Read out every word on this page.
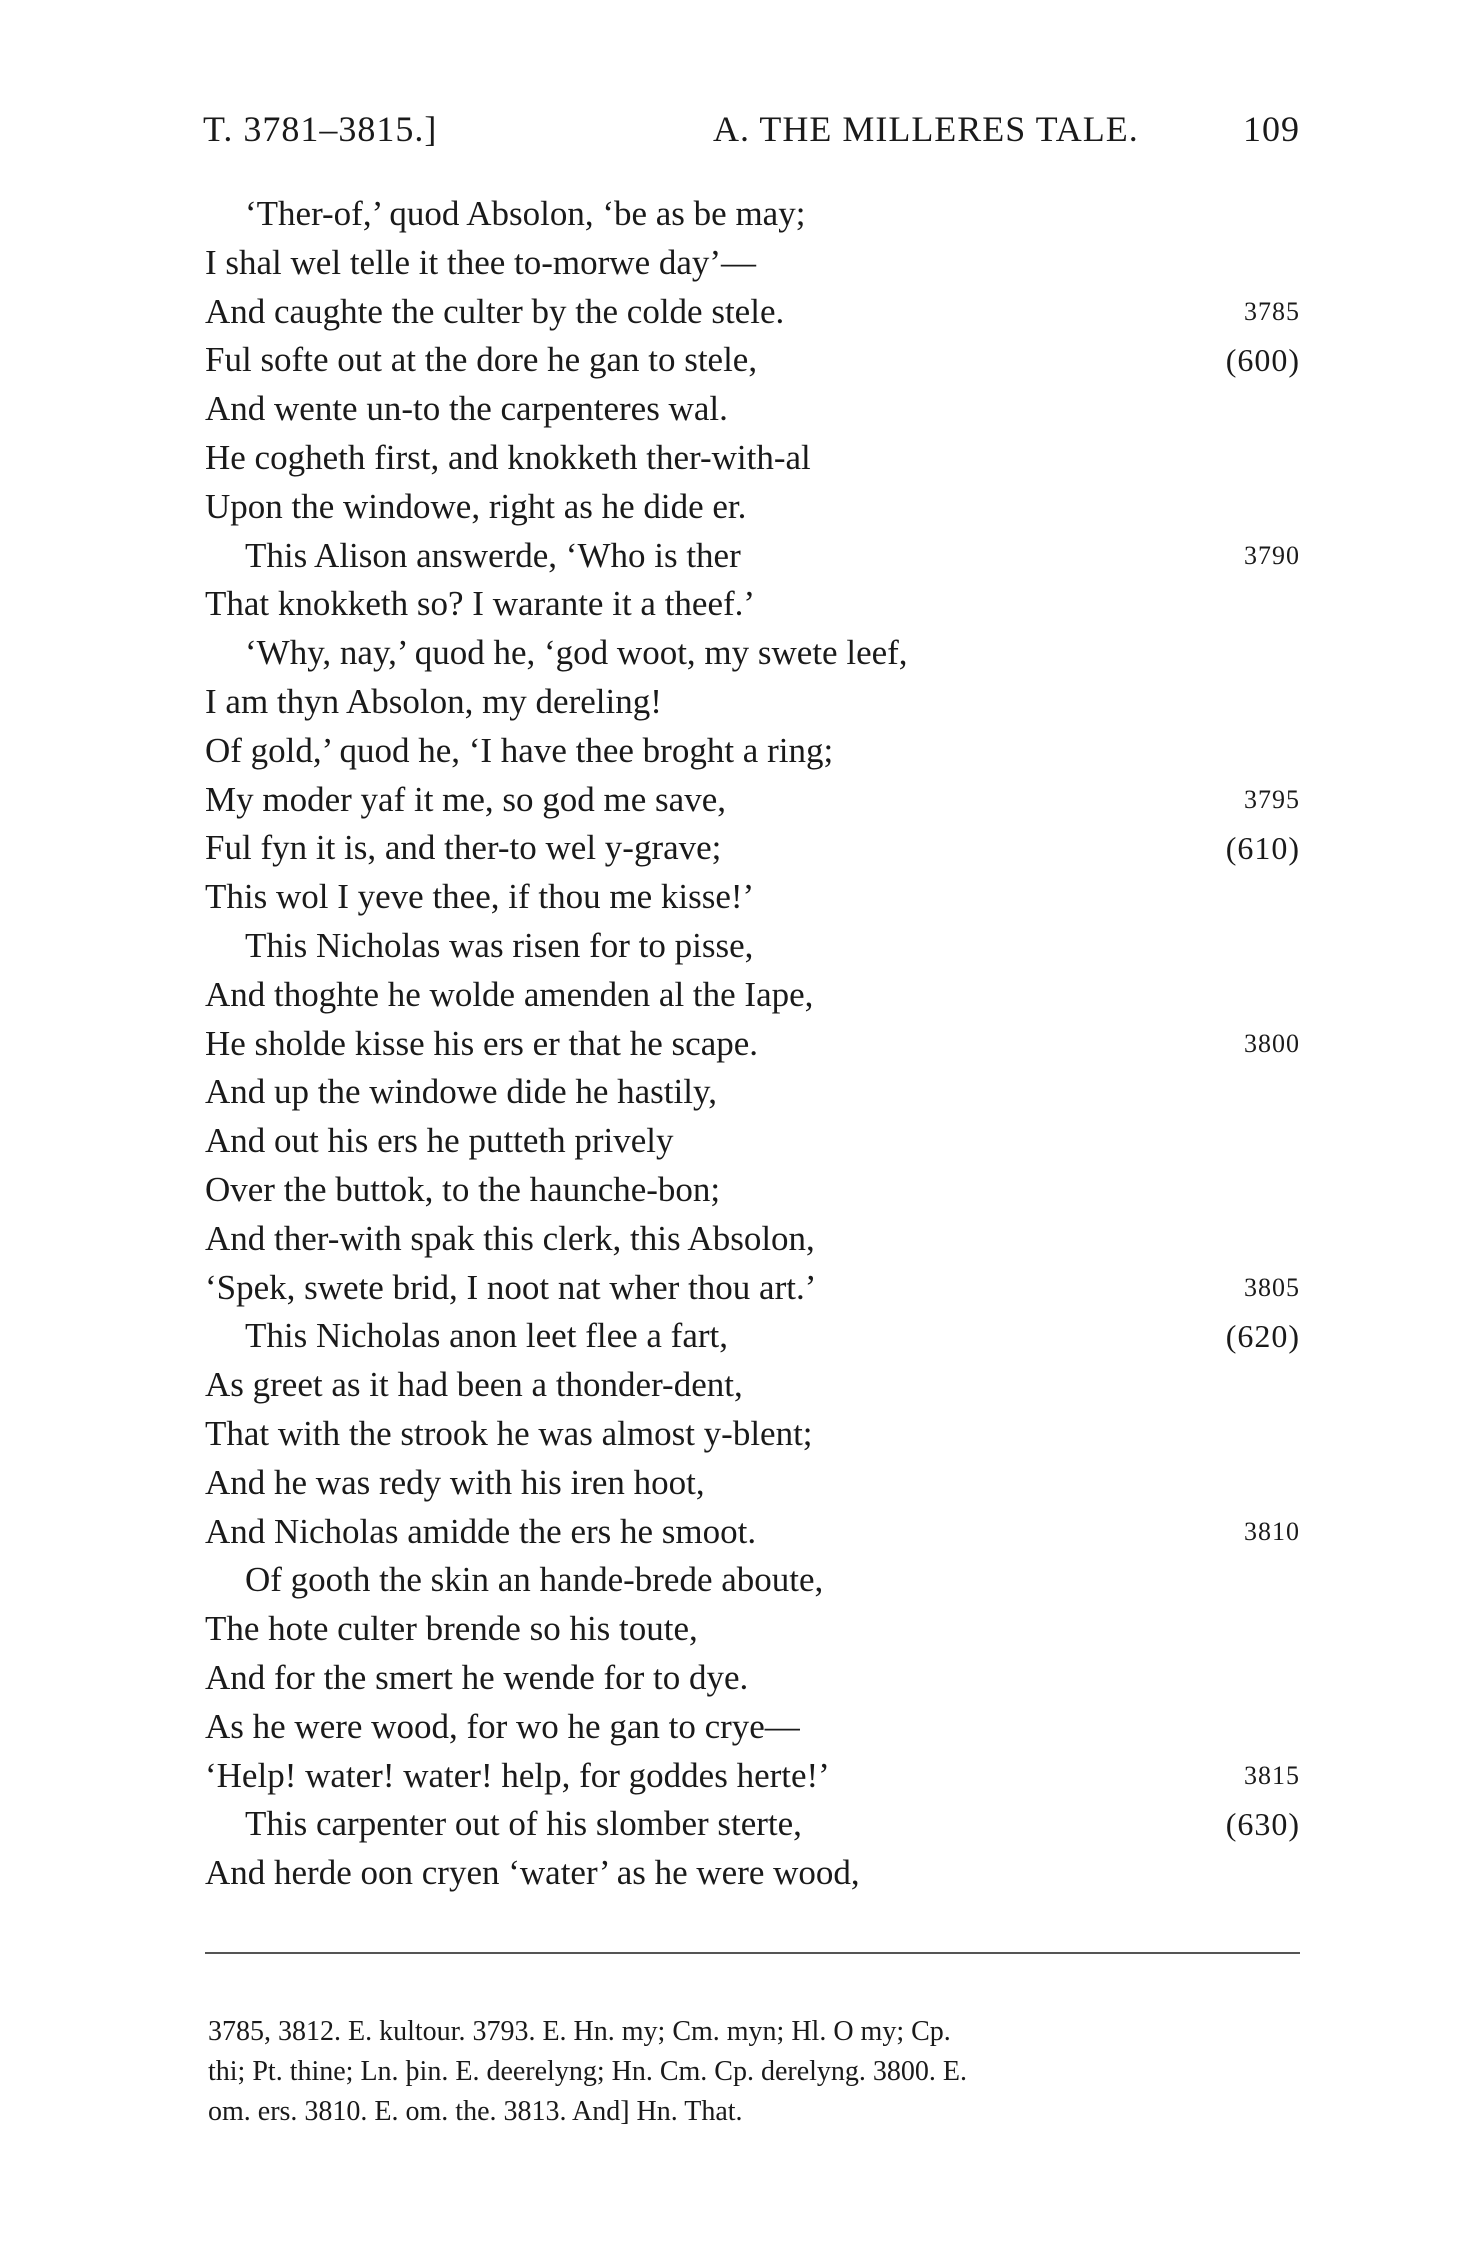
T. 3781–3815.]	A. THE MILLERES TALE.	109
‘Ther-of,’ quod Absolon, ‘be as be may;
I shal wel telle it thee to-morwe day’—
And caughte the culter by the colde stele.	3785
Ful softe out at the dore he gan to stele,	(600)
And wente un-to the carpenteres wal.
He cogheth first, and knokketh ther-with-al
Upon the windowe, right as he dide er.
This Alison answerde, ‘Who is ther	3790
That knokketh so? I warante it a theef.’
‘Why, nay,’ quod he, ‘god woot, my swete leef,
I am thyn Absolon, my dereling!
Of gold,’ quod he, ‘I have thee broght a ring;
My moder yaf it me, so god me save,	3795
Ful fyn it is, and ther-to wel y-grave;	(610)
This wol I yeve thee, if thou me kisse!’
This Nicholas was risen for to pisse,
And thoghte he wolde amenden al the Iape,
He sholde kisse his ers er that he scape.	3800
And up the windowe dide he hastily,
And out his ers he putteth prively
Over the buttok, to the haunche-bon;
And ther-with spak this clerk, this Absolon,
‘Spek, swete brid, I noot nat wher thou art.’	3805
This Nicholas anon leet flee a fart,	(620)
As greet as it had been a thonder-dent,
That with the strook he was almost y-blent;
And he was redy with his iren hoot,
And Nicholas amidde the ers he smoot.	3810
Of gooth the skin an hande-brede aboute,
The hote culter brende so his toute,
And for the smert he wende for to dye.
As he were wood, for wo he gan to crye—
‘Help! water! water! help, for goddes herte!’	3815
This carpenter out of his slomber sterte,	(630)
And herde oon cryen ‘water’ as he were wood,
3785, 3812. E. kultour. 3793. E. Hn. my; Cm. myn; Hl. O my; Cp.
thi; Pt. thine; Ln. þin. E. deerelyng; Hn. Cm. Cp. derelyng. 3800. E.
om. ers. 3810. E. om. the. 3813. And] Hn. That.
